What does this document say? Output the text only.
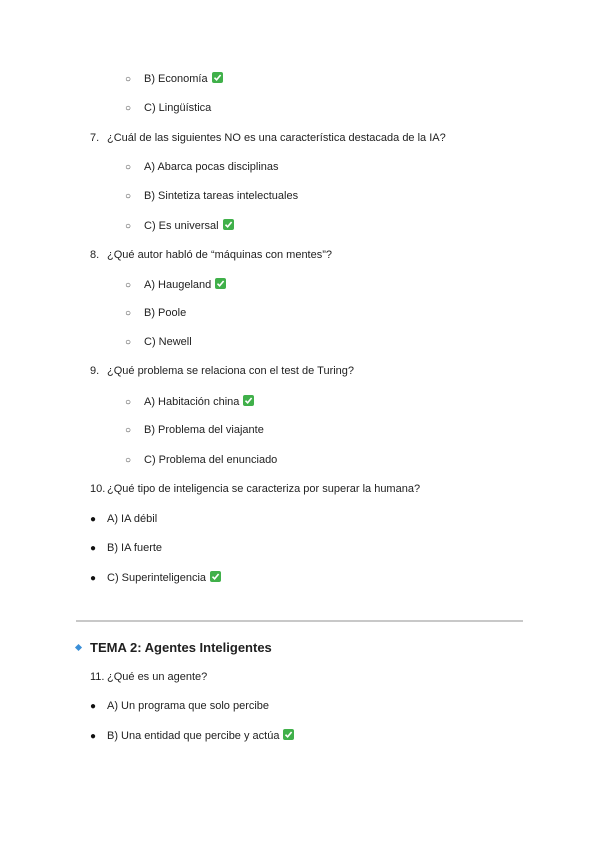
○ B) Economía
○ C) Lingüística
7. ¿Cuál de las siguientes NO es una característica destacada de la IA?
○ A) Abarca pocas disciplinas
○ B) Sintetiza tareas intelectuales
○ C) Es universal
8. ¿Qué autor habló de “máquinas con mentes”?
○ A) Haugeland
○ B) Poole
○ C) Newell
9. ¿Qué problema se relaciona con el test de Turing?
○ A) Habitación china
○ B) Problema del viajante
○ C) Problema del enunciado
10. ¿Qué tipo de inteligencia se caracteriza por superar la humana?
● A) IA débil
● B) IA fuerte
● C) Superinteligencia
TEMA 2: Agentes Inteligentes
11. ¿Qué es un agente?
● A) Un programa que solo percibe
● B) Una entidad que percibe y actúa
